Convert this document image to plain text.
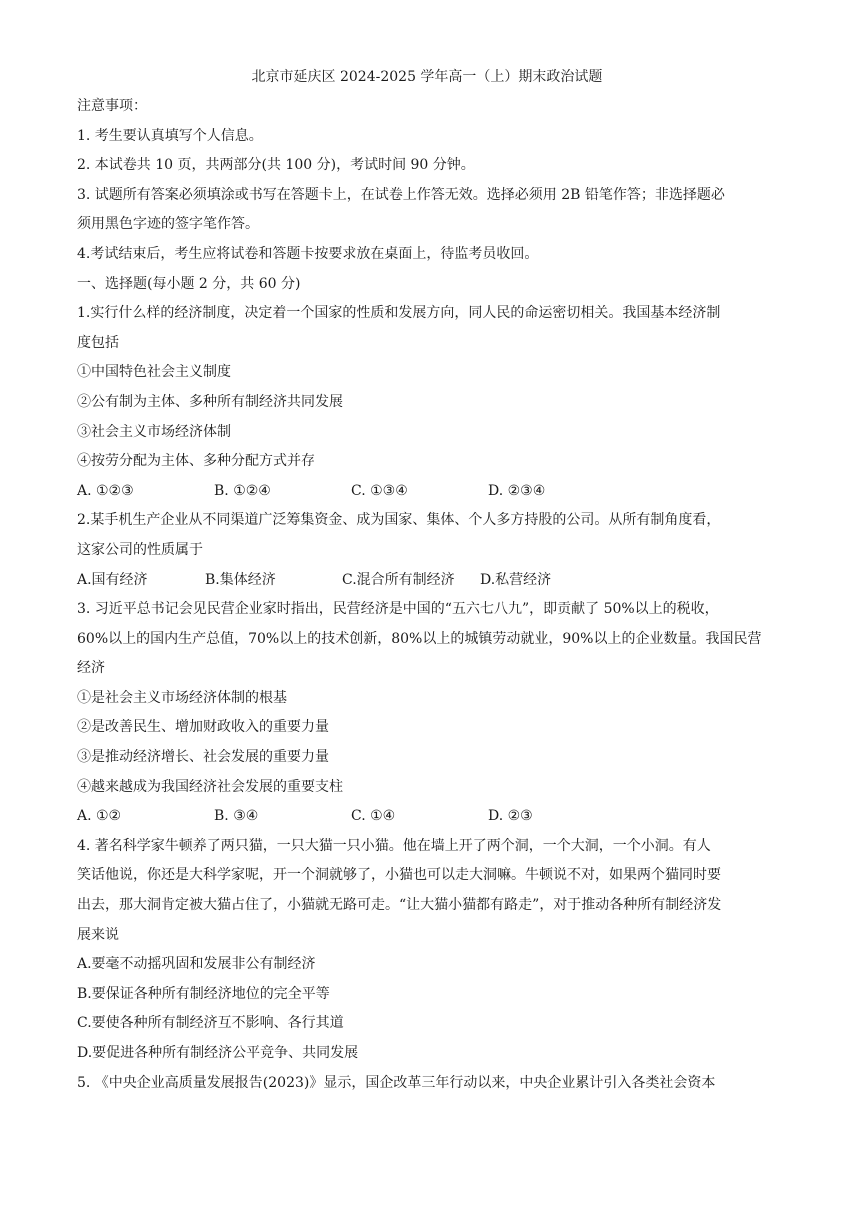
北京市延庆区 2024-2025 学年高一（上）期末政治试题
注意事项：
1. 考生要认真填写个人信息。
2. 本试卷共 10 页，共两部分(共 100 分)，考试时间 90 分钟。
3. 试题所有答案必须填涂或书写在答题卡上，在试卷上作答无效。选择必须用 2B 铅笔作答；非选择题必
须用黑色字迹的签字笔作答。
4.考试结束后，考生应将试卷和答题卡按要求放在桌面上，待监考员收回。
一、选择题(每小题 2 分，共 60 分)
1.实行什么样的经济制度，决定着一个国家的性质和发展方向，同人民的命运密切相关。我国基本经济制
度包括
①中国特色社会主义制度
②公有制为主体、多种所有制经济共同发展
③社会主义市场经济体制
④按劳分配为主体、多种分配方式并存
A. ①②③	B. ①②④	C. ①③④	D. ②③④
2.某手机生产企业从不同渠道广泛筹集资金、成为国家、集体、个人多方持股的公司。从所有制角度看，
这家公司的性质属于
A.国有经济	B.集体经济	C.混合所有制经济	D.私营经济
3. 习近平总书记会见民营企业家时指出，民营经济是中国的“五六七八九”，即贡献了 50%以上的税收，
60%以上的国内生产总值，70%以上的技术创新，80%以上的城镇劳动就业，90%以上的企业数量。我国民营
经济
①是社会主义市场经济体制的根基
②是改善民生、增加财政收入的重要力量
③是推动经济增长、社会发展的重要力量
④越来越成为我国经济社会发展的重要支柱
A. ①②	B. ③④	C. ①④	D. ②③
4. 著名科学家牛顿养了两只猫，一只大猫一只小猫。他在墙上开了两个洞，一个大洞，一个小洞。有人
笑话他说，你还是大科学家呢，开一个洞就够了，小猫也可以走大洞嘛。牛顿说不对，如果两个猫同时要
出去，那大洞肯定被大猫占住了，小猫就无路可走。“让大猫小猫都有路走”，对于推动各种所有制经济发
展来说
A.要毫不动摇巩固和发展非公有制经济
B.要保证各种所有制经济地位的完全平等
C.要使各种所有制经济互不影响、各行其道
D.要促进各种所有制经济公平竞争、共同发展
5. 《中央企业高质量发展报告(2023)》显示，国企改革三年行动以来，中央企业累计引入各类社会资本
